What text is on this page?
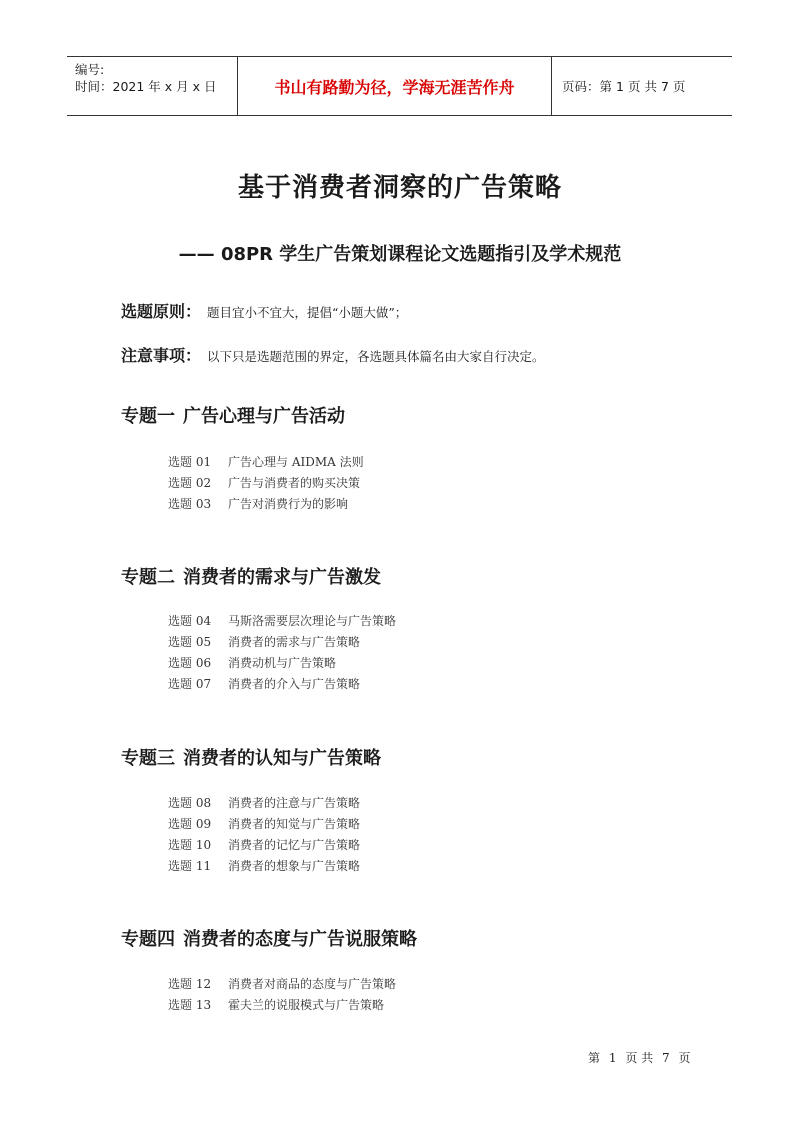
编号:
时间：2021 年 x 月 x 日	书山有路勤为径，学海无涯苦作舟	页码：第 1 页 共 7 页
基于消费者洞察的广告策略
—— 08PR 学生广告策划课程论文选题指引及学术规范
选题原则： 题目宜小不宜大，提倡“小题大做”；
注意事项： 以下只是选题范围的界定，各选题具体篇名由大家自行决定。
专题一 广告心理与广告活动
选题 01 广告心理与 AIDMA 法则
选题 02 广告与消费者的购买决策
选题 03 广告对消费行为的影响
专题二 消费者的需求与广告激发
选题 04 马斯洛需要层次理论与广告策略
选题 05 消费者的需求与广告策略
选题 06 消费动机与广告策略
选题 07 消费者的介入与广告策略
专题三 消费者的认知与广告策略
选题 08 消费者的注意与广告策略
选题 09 消费者的知觉与广告策略
选题 10 消费者的记忆与广告策略
选题 11 消费者的想象与广告策略
专题四 消费者的态度与广告说服策略
选题 12 消费者对商品的态度与广告策略
选题 13 霍夫兰的说服模式与广告策略
第 1 页 共 7 页
